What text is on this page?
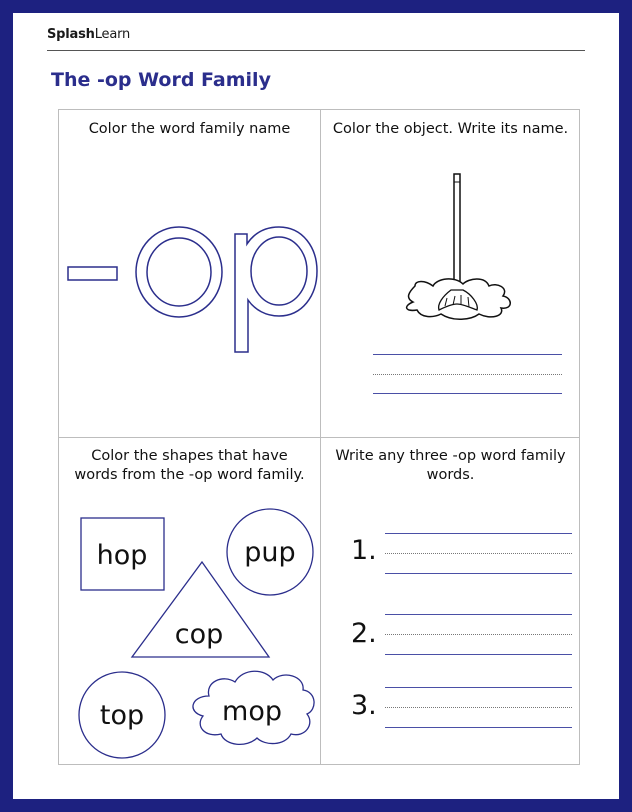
SplashLearn
The -op Word Family
Color the word family name	Color the object. Write its name.
Color the shapes that have
words from the -op word family.
hop	pup
cop
top	mop
Write any three -op word family
words.
1.
2.
3.
